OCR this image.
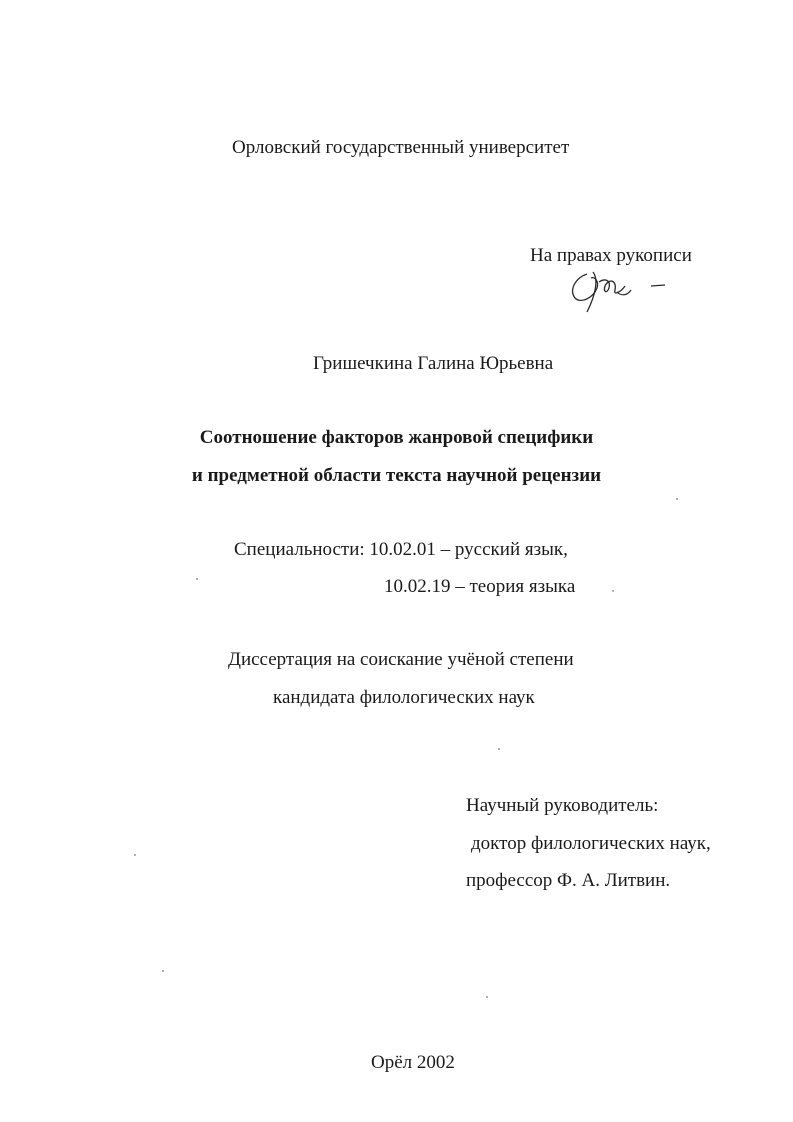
Орловский государственный университет
На правах рукописи
Гришечкина Галина Юрьевна
Соотношение факторов жанровой специфики
и предметной области текста научной рецензии
Специальности: 10.02.01 – русский язык,
10.02.19 – теория языка
Диссертация на соискание учёной степени
кандидата филологических наук
Научный руководитель:
доктор филологических наук,
профессор Ф. А. Литвин.
Орёл 2002
